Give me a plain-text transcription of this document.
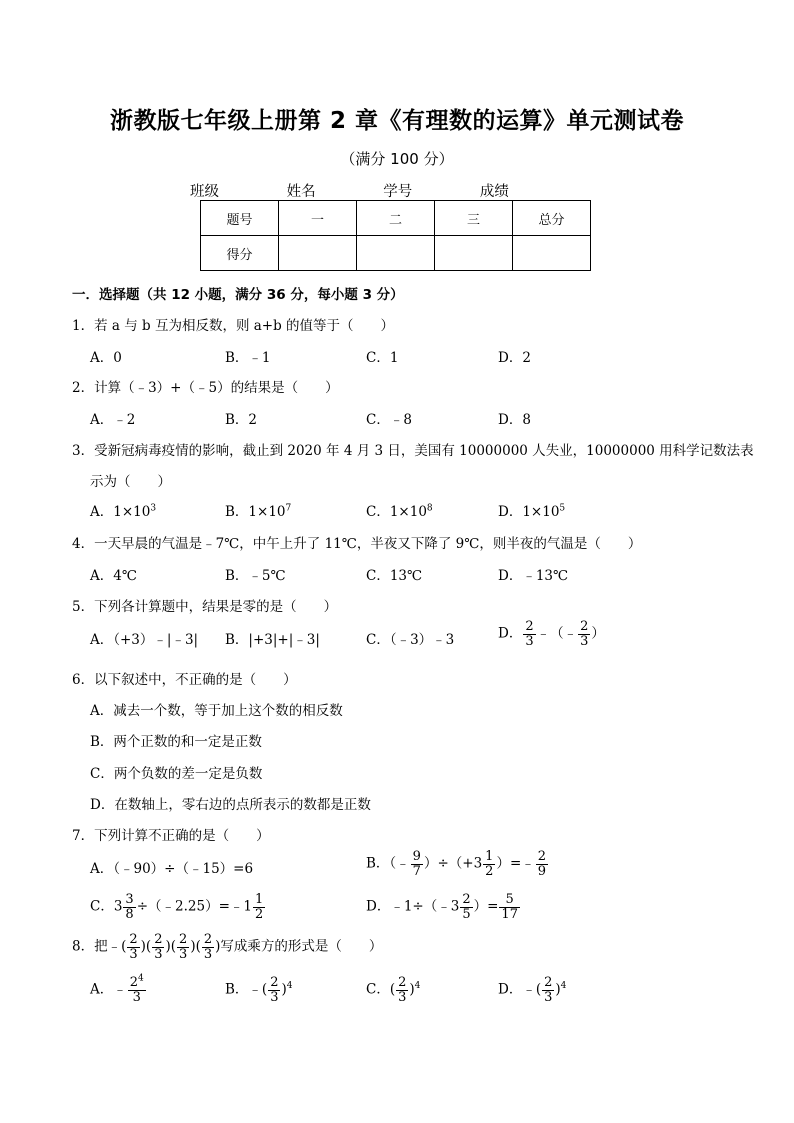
浙教版七年级上册第 2 章《有理数的运算》单元测试卷
（满分 100 分）
班级	姓名	学号	成绩
题号	一	二	三	总分
得分				
一．选择题（共 12 小题，满分 36 分，每小题 3 分）
1．若 a 与 b 互为相反数，则 a+b 的值等于（　　）
A．0	B．﹣1	C．1	D．2
2．计算（﹣3）+（﹣5）的结果是（　　）
A．﹣2	B．2	C．﹣8	D．8
3．受新冠病毒疫情的影响，截止到 2020 年 4 月 3 日，美国有 10000000 人失业，10000000 用科学记数法表
示为（　　）
A．$1\times 10^3$	B．$1\times 10^7$	C．$1\times 10^8$	D．$1\times 10^5$
4．一天早晨的气温是﹣7℃，中午上升了 11℃，半夜又下降了 9℃，则半夜的气温是（　　）
A．4℃	B．﹣5℃	C．13℃	D．﹣13℃
5．下列各计算题中，结果是零的是（　　）
A．（+3）﹣|﹣3| B．|+3|+|﹣3|	C．（﹣3）﹣3	D． $\frac{2}{3}$ ﹣（﹣ $\frac{2}{3}$ ）
6．以下叙述中，不正确的是（　　）
A．减去一个数，等于加上这个数的相反数
B．两个正数的和一定是正数
C．两个负数的差一定是负数
D．在数轴上，零右边的点所表示的数都是正数
7．下列计算不正确的是（　　）
A．（﹣90）÷（﹣15）=6	B．（﹣ $\frac{9}{7} )\div(+3 \frac{1}{2}$ ）=﹣ $\frac{2}{9}$
C．$3 \frac{3}{8}$ ÷（﹣2.25）=﹣1 $\frac{1}{2}$	D．﹣1÷（﹣3 $\frac{2}{5}$ ）= $\frac{5}{17}$
8．把﹣( $\frac{2}{3}$ )( $\frac{2}{3}$ )( $\frac{2}{3}$ )( $\frac{2}{3}$ )写成乘方的形式是（　　）
A．﹣ $\frac{2^4}{3}$	B．﹣( $\frac{2}{3} )^4$	C．( $\frac{2}{3} )^4$	D．﹣( $\frac{2}{3} )^4$
